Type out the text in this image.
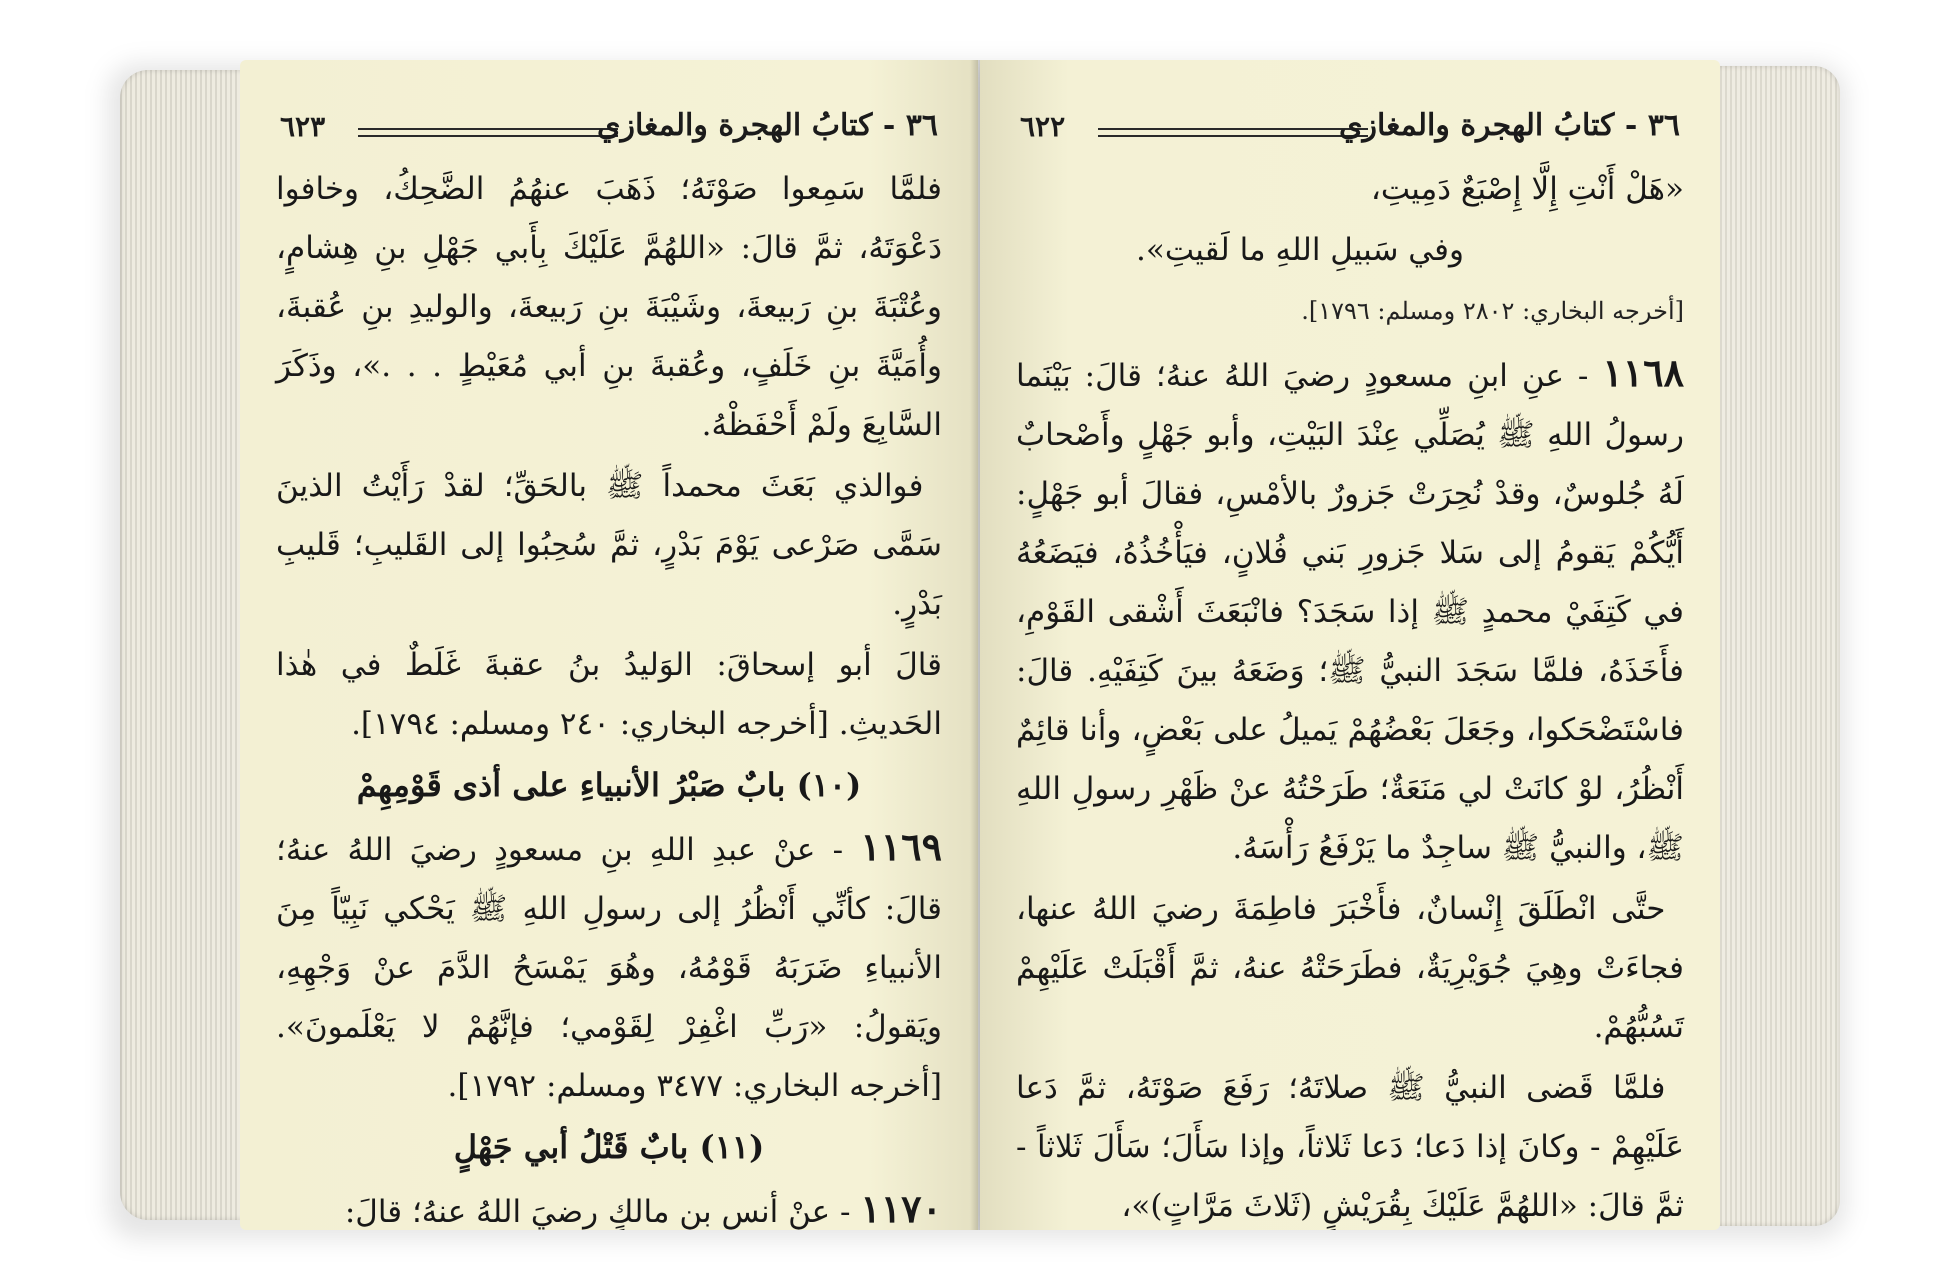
٦٢٣	٣٦ - كتابُ الهجرة والمغازي

فلمَّا سَمِعوا صَوْتَهُ؛ ذَهَبَ عنهُمُ الضَّحِكُ، وخافوا دَعْوَتَهُ، ثمَّ قالَ: «اللهُمَّ عَلَيْكَ بِأَبي جَهْلِ بنِ هِشامٍ، وعُتْبَةَ بنِ رَبيعةَ، وشَيْبَةَ بنِ رَبيعةَ، والوليدِ بنِ عُقبةَ، وأُمَيَّةَ بنِ خَلَفٍ، وعُقبةَ بنِ أبي مُعَيْطٍ . . .»، وذَكَرَ السَّابِعَ ولَمْ أَحْفَظْهُ.

فوالذي بَعَثَ محمداً ﷺ بالحَقِّ؛ لقدْ رَأَيْتُ الذينَ سَمَّى صَرْعى يَوْمَ بَدْرٍ، ثمَّ سُحِبُوا إلى القَليبِ؛ قَليبِ بَدْرٍ.

قالَ أبو إسحاقَ: الوَليدُ بنُ عقبةَ غَلَطٌ في هٰذا الحَديثِ. [أخرجه البخاري: ٢٤٠ ومسلم: ١٧٩٤].

(١٠) بابٌ صَبْرُ الأنبياءِ على أذى قَوْمِهِمْ

١١٦٩ - عنْ عبدِ اللهِ بنِ مسعودٍ رضيَ اللهُ عنهُ؛ قالَ: كأنِّي أَنْظُرُ إلى رسولِ اللهِ ﷺ يَحْكي نَبِيّاً مِنَ الأنبياءِ ضَرَبَهُ قَوْمُهُ، وهُوَ يَمْسَحُ الدَّمَ عنْ وَجْهِهِ، ويَقولُ: «رَبِّ اغْفِرْ لِقَوْمي؛ فإنَّهُمْ لا يَعْلَمونَ». [أخرجه البخاري: ٣٤٧٧ ومسلم: ١٧٩٢].

(١١) بابٌ قَتْلُ أبي جَهْلٍ

١١٧٠ - عنْ أنسِ بنِ مالكٍ رضيَ اللهُ عنهُ؛ قالَ:

٦٢٢	٣٦ - كتابُ الهجرة والمغازي

«هَلْ أَنْتِ إِلَّا إِصْبَعٌ دَمِيتِ،

وفي سَبيلِ اللهِ ما لَقيتِ».

[أخرجه البخاري: ٢٨٠٢ ومسلم: ١٧٩٦].

١١٦٨ - عنِ ابنِ مسعودٍ رضيَ اللهُ عنهُ؛ قالَ: بَيْنَما رسولُ اللهِ ﷺ يُصَلِّي عِنْدَ البَيْتِ، وأبو جَهْلٍ وأَصْحابٌ لَهُ جُلوسٌ، وقدْ نُحِرَتْ جَزورٌ بالأمْسِ، فقالَ أبو جَهْلٍ: أَيُّكُمْ يَقومُ إلى سَلا جَزورِ بَني فُلانٍ، فيَأْخُذُهُ، فيَضَعُهُ في كَتِفَيْ محمدٍ ﷺ إذا سَجَدَ؟ فانْبَعَثَ أَشْقى القَوْمِ، فأَخَذَهُ، فلمَّا سَجَدَ النبيُّ ﷺ؛ وَضَعَهُ بينَ كَتِفَيْهِ. قالَ: فاسْتَضْحَكوا، وجَعَلَ بَعْضُهُمْ يَميلُ على بَعْضٍ، وأنا قائِمٌ أَنْظُرُ، لوْ كانَتْ لي مَنَعَةٌ؛ طَرَحْتُهُ عنْ ظَهْرِ رسولِ اللهِ ﷺ، والنبيُّ ﷺ ساجِدٌ ما يَرْفَعُ رَأْسَهُ.

حتَّى انْطَلَقَ إِنْسانٌ، فأَخْبَرَ فاطِمَةَ رضيَ اللهُ عنها، فجاءَتْ وهِيَ جُوَيْرِيَةٌ، فطَرَحَتْهُ عنهُ، ثمَّ أَقْبَلَتْ عَلَيْهِمْ تَسُبُّهُمْ.

فلمَّا قَضى النبيُّ ﷺ صلاتَهُ؛ رَفَعَ صَوْتَهُ، ثمَّ دَعا عَلَيْهِمْ - وكانَ إذا دَعا؛ دَعا ثَلاثاً، وإذا سَأَلَ؛ سَأَلَ ثَلاثاً - ثمَّ قالَ: «اللهُمَّ عَلَيْكَ بِقُرَيْشٍ (ثَلاثَ مَرَّاتٍ)»،
